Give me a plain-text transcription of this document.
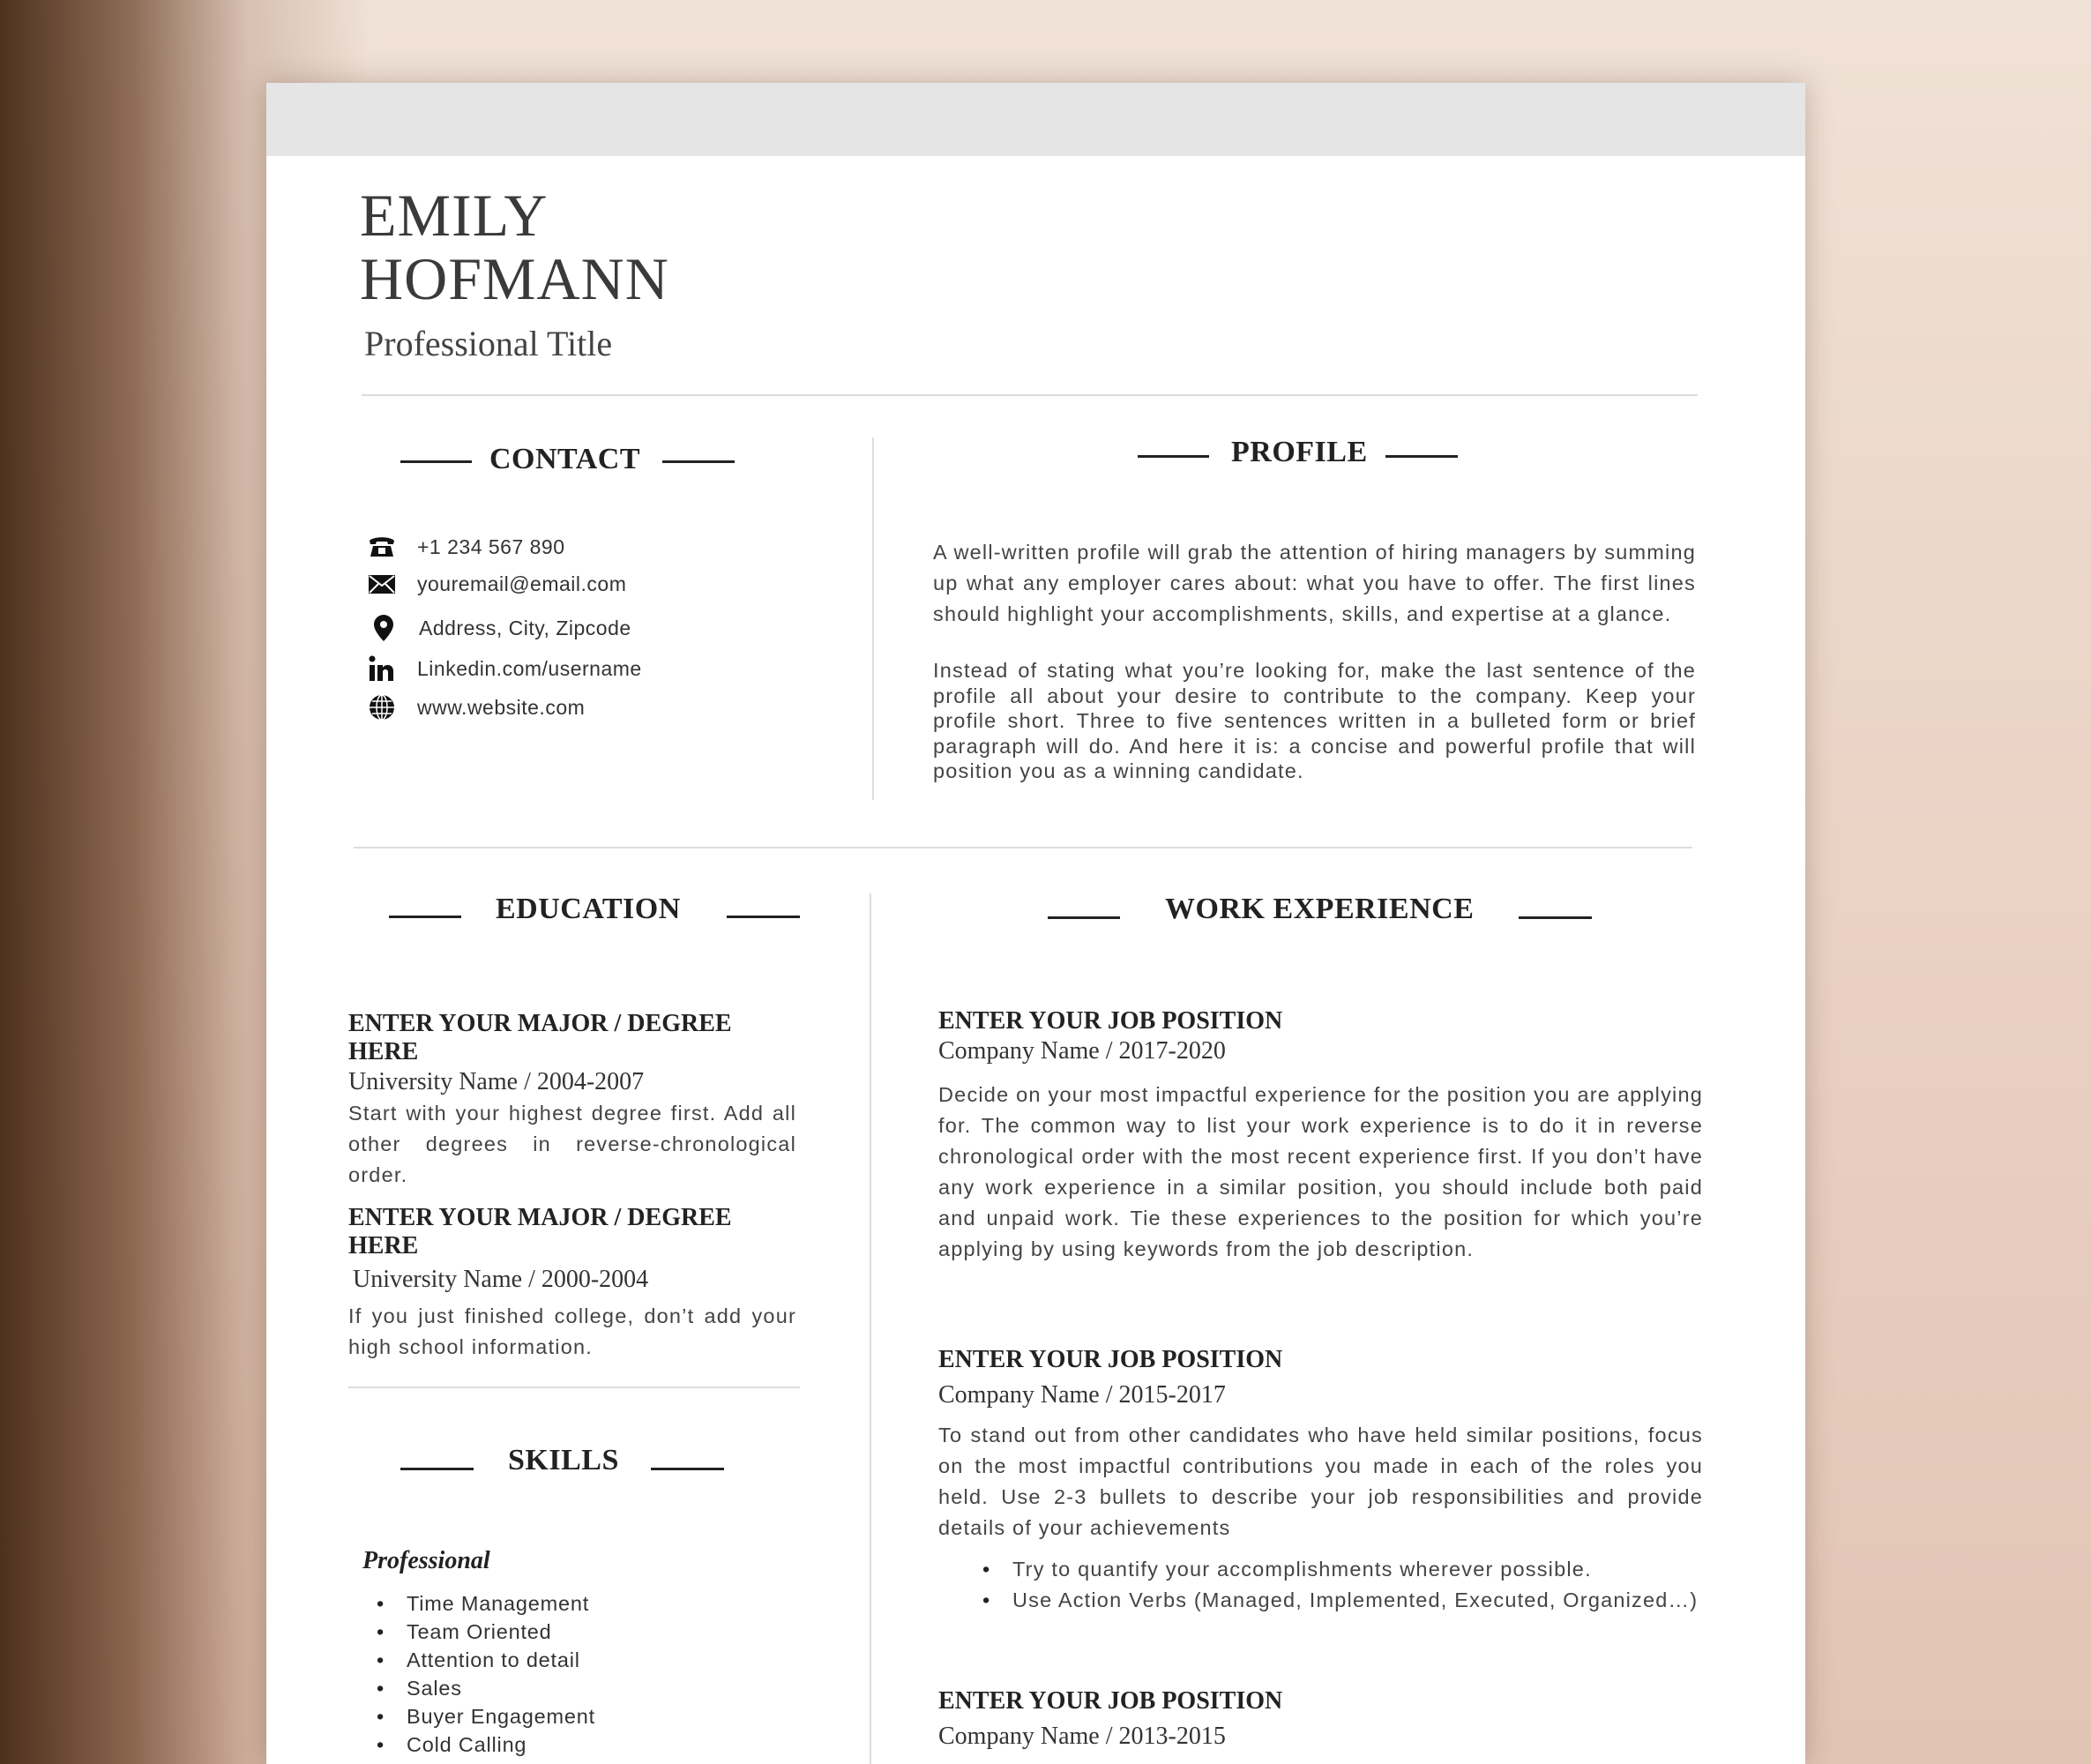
EMILY
HOFMANN
Professional Title
CONTACT
+1 234 567 890
youremail@email.com
Address, City, Zipcode
Linkedin.com/username
www.website.com
PROFILE
A well-written profile will grab the attention of hiring managers by summing up what any employer cares about: what you have to offer. The first lines should highlight your accomplishments, skills, and expertise at a glance.
Instead of stating what you’re looking for, make the last sentence of the profile all about your desire to contribute to the company. Keep your profile short. Three to five sentences written in a bulleted form or brief paragraph will do. And here it is: a concise and powerful profile that will position you as a winning candidate.
EDUCATION
ENTER YOUR MAJOR / DEGREE HERE
University Name / 2004-2007
Start with your highest degree first. Add all other degrees in reverse-chronological order.
ENTER YOUR MAJOR / DEGREE HERE
University Name / 2000-2004
If you just finished college, don’t add your high school information.
SKILLS
Professional
• Time Management
• Team Oriented
• Attention to detail
• Sales
• Buyer Engagement
• Cold Calling
WORK EXPERIENCE
ENTER YOUR JOB POSITION
Company Name / 2017-2020
Decide on your most impactful experience for the position you are applying for. The common way to list your work experience is to do it in reverse chronological order with the most recent experience first. If you don’t have any work experience in a similar position, you should include both paid and unpaid work. Tie these experiences to the position for which you’re applying by using keywords from the job description.
ENTER YOUR JOB POSITION
Company Name / 2015-2017
To stand out from other candidates who have held similar positions, focus on the most impactful contributions you made in each of the roles you held. Use 2-3 bullets to describe your job responsibilities and provide details of your achievements
• Try to quantify your accomplishments wherever possible.
• Use Action Verbs (Managed, Implemented, Executed, Organized…)
ENTER YOUR JOB POSITION
Company Name / 2013-2015
